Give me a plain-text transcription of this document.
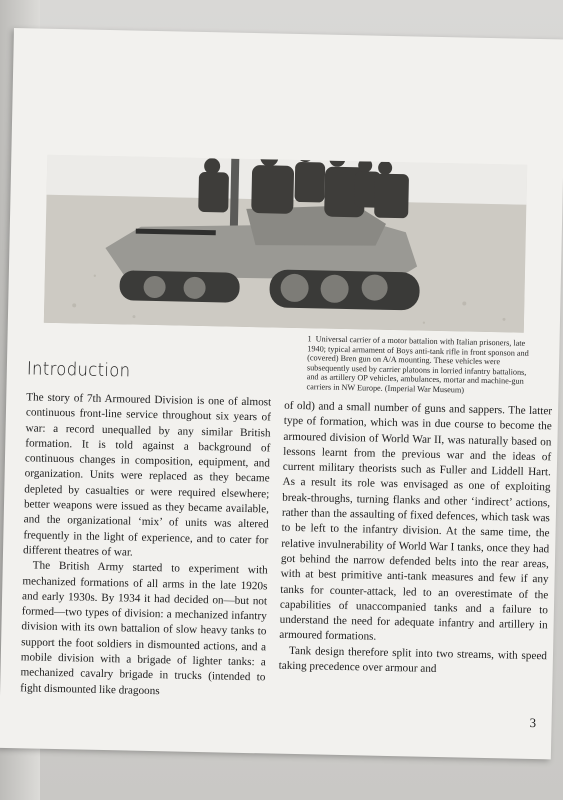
1 Universal carrier of a motor battalion with Italian prisoners, late 1940; typical armament of Boys anti-tank rifle in front sponson and (covered) Bren gun on A/A mounting. These vehicles were subsequently used by carrier platoons in lorried infantry battalions, and as artillery OP vehicles, ambulances, mortar and machine-gun carriers in NW Europe. (Imperial War Museum)
Introduction

The story of 7th Armoured Division is one of almost continuous front-line service throughout six years of war: a record unequalled by any similar British formation. It is told against a background of continuous changes in composition, equipment, and organization. Units were replaced as they became depleted by casualties or were required elsewhere; better weapons were issued as they became available, and the organizational ‘mix’ of units was altered frequently in the light of experience, and to cater for different theatres of war.

The British Army started to experiment with mechanized formations of all arms in the late 1920s and early 1930s. By 1934 it had decided on—but not formed—two types of division: a mechanized infantry division with its own battalion of slow heavy tanks to support the foot soldiers in dismounted actions, and a mobile division with a brigade of lighter tanks: a mechanized cavalry brigade in trucks (intended to fight dismounted like dragoons

of old) and a small number of guns and sappers. The latter type of formation, which was in due course to become the armoured division of World War II, was naturally based on lessons learnt from the previous war and the ideas of current military theorists such as Fuller and Liddell Hart. As a result its role was envisaged as one of exploiting break-throughs, turning flanks and other ‘indirect’ actions, rather than the assaulting of fixed defences, which task was to be left to the infantry division. At the same time, the relative invulnerability of World War I tanks, once they had got behind the narrow defended belts into the rear areas, with at best primitive anti-tank measures and few if any tanks for counter-attack, led to an overestimate of the capabilities of unaccompanied tanks and a failure to understand the need for adequate infantry and artillery in armoured formations.

Tank design therefore split into two streams, with speed taking precedence over armour and

3
